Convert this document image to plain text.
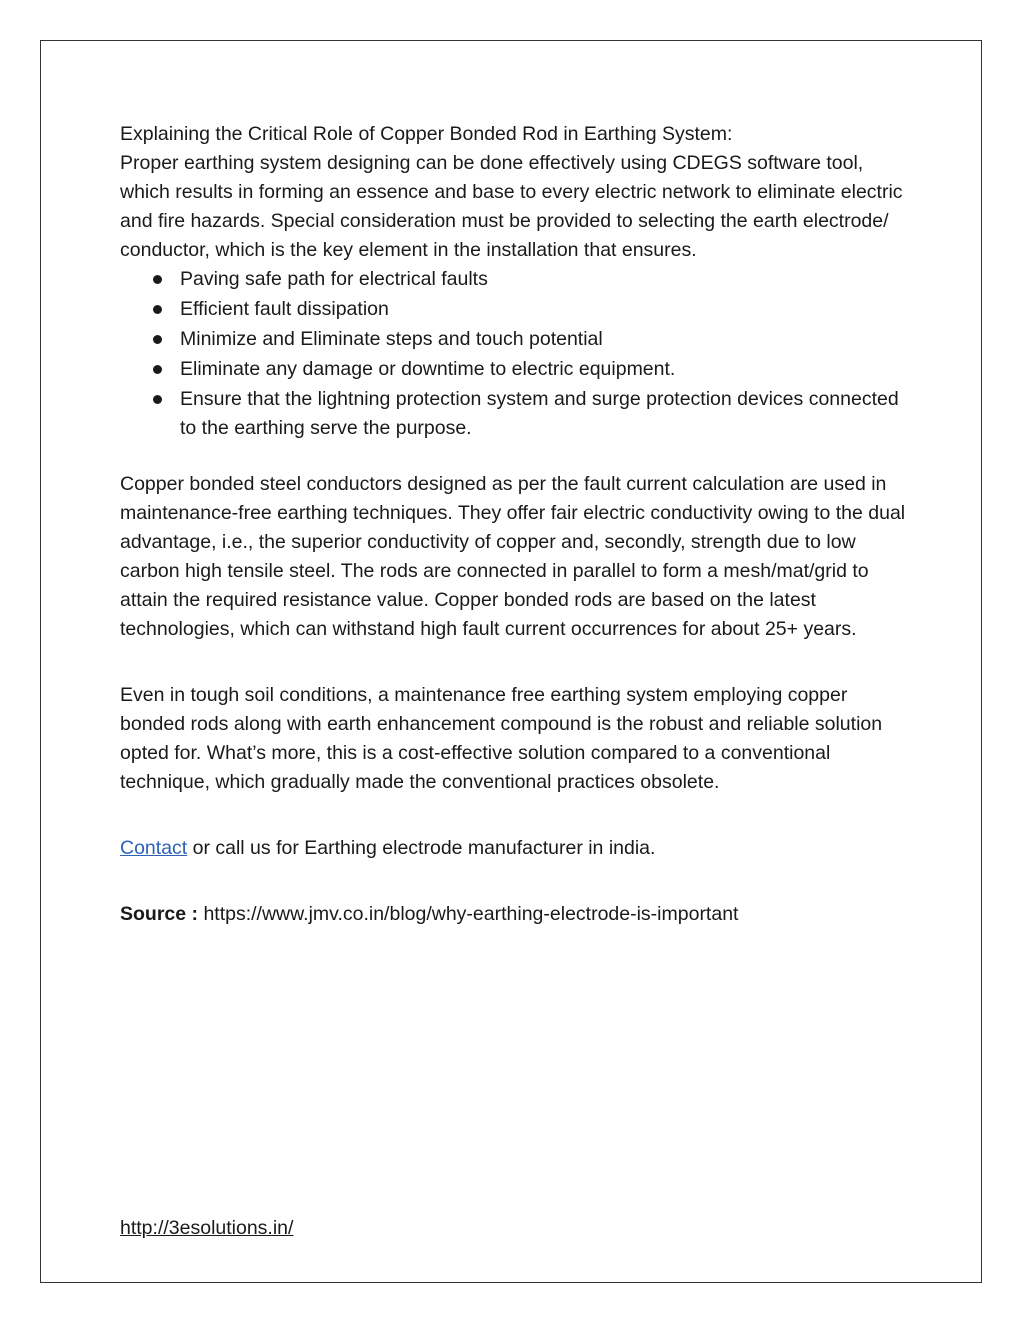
Explaining the Critical Role of Copper Bonded Rod in Earthing System:

Proper earthing system designing can be done effectively using CDEGS software tool, which results in forming an essence and base to every electric network to eliminate electric and fire hazards. Special consideration must be provided to selecting the earth electrode/ conductor, which is the key element in the installation that ensures.

Paving safe path for electrical faults
Efficient fault dissipation
Minimize and Eliminate steps and touch potential
Eliminate any damage or downtime to electric equipment.
Ensure that the lightning protection system and surge protection devices connected to the earthing serve the purpose.

Copper bonded steel conductors designed as per the fault current calculation are used in maintenance-free earthing techniques. They offer fair electric conductivity owing to the dual advantage, i.e., the superior conductivity of copper and, secondly, strength due to low carbon high tensile steel. The rods are connected in parallel to form a mesh/mat/grid to attain the required resistance value. Copper bonded rods are based on the latest technologies, which can withstand high fault current occurrences for about 25+ years.

Even in tough soil conditions, a maintenance free earthing system employing copper bonded rods along with earth enhancement compound is the robust and reliable solution opted for. What’s more, this is a cost-effective solution compared to a conventional technique, which gradually made the conventional practices obsolete.

Contact or call us for Earthing electrode manufacturer in india.

Source : https://www.jmv.co.in/blog/why-earthing-electrode-is-important

http://3esolutions.in/
